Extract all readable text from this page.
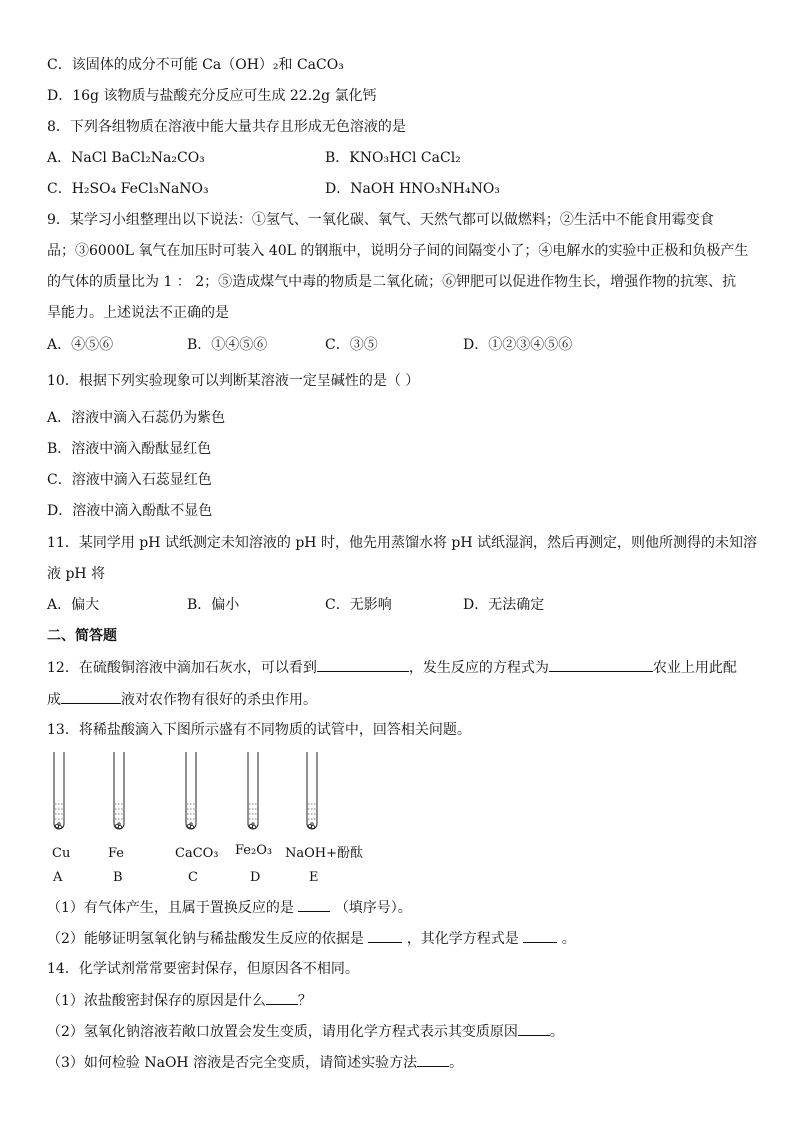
C．该固体的成分不可能 Ca（OH）₂和 CaCO₃
D．16g 该物质与盐酸充分反应可生成 22.2g 氯化钙
8．下列各组物质在溶液中能大量共存且形成无色溶液的是
A．NaCl BaCl₂Na₂CO₃	B．KNO₃HCl CaCl₂
C．H₂SO₄ FeCl₃NaNO₃	D．NaOH HNO₃NH₄NO₃
9．某学习小组整理出以下说法：①氢气、一氧化碳、氧气、天然气都可以做燃料；②生活中不能食用霉变食
品；③6000L 氧气在加压时可装入 40L 的钢瓶中，说明分子间的间隔变小了；④电解水的实验中正极和负极产生
的气体的质量比为 1 ： 2；⑤造成煤气中毒的物质是二氧化硫；⑥钾肥可以促进作物生长，增强作物的抗寒、抗
旱能力。上述说法不正确的是
A．④⑤⑥	B．①④⑤⑥	C．③⑤	D．①②③④⑤⑥
10．根据下列实验现象可以判断某溶液一定呈碱性的是（ ）
A．溶液中滴入石蕊仍为紫色
B．溶液中滴入酚酞显红色
C．溶液中滴入石蕊显红色
D．溶液中滴入酚酞不显色
11．某同学用 pH 试纸测定未知溶液的 pH 时，他先用蒸馏水将 pH 试纸湿润，然后再测定，则他所测得的未知溶
液 pH 将
A．偏大	B．偏小	C．无影响	D．无法确定
二、简答题
12．在硫酸铜溶液中滴加石灰水，可以看到	，发生反应的方程式为	农业上用此配
成	液对农作物有很好的杀虫作用。
13．将稀盐酸滴入下图所示盛有不同物质的试管中，回答相关问题。
Cu	Fe	CaCO₃ Fe₂O₃ NaOH+酚酞
A	B	C	D	E
（1）有气体产生，且属于置换反应的是	（填序号）。
（2）能够证明氢氧化钠与稀盐酸发生反应的依据是	，其化学方程式是	。
14．化学试剂常常要密封保存，但原因各不相同。
（1）浓盐酸密封保存的原因是什么 ？
（2）氢氧化钠溶液若敞口放置会发生变质，请用化学方程式表示其变质原因 。
（3）如何检验 NaOH 溶液是否完全变质，请简述实验方法 。
